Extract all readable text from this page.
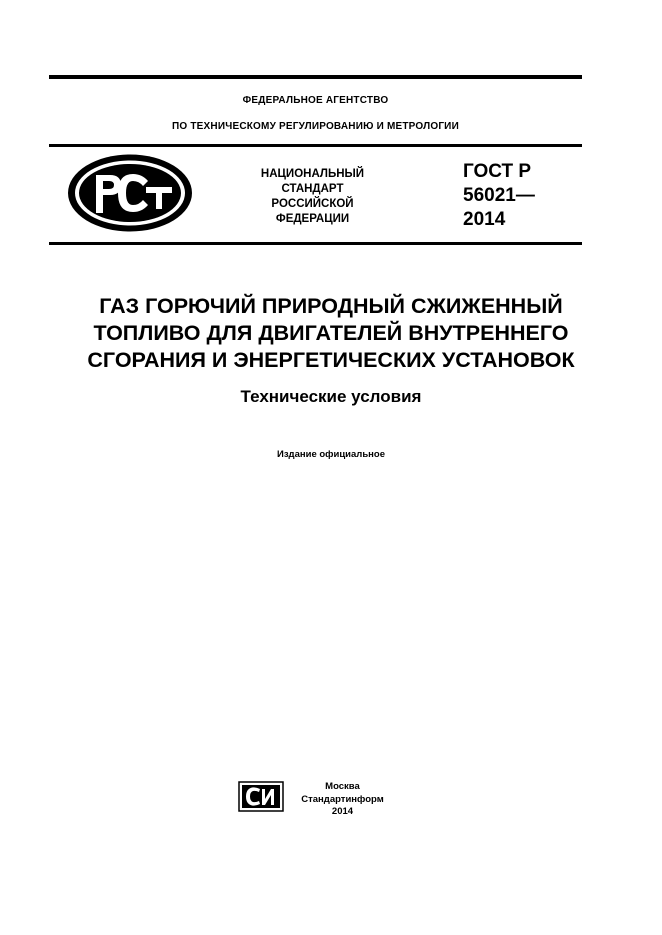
ФЕДЕРАЛЬНОЕ АГЕНТСТВО
ПО ТЕХНИЧЕСКОМУ РЕГУЛИРОВАНИЮ И МЕТРОЛОГИИ
НАЦИОНАЛЬНЫЙ
СТАНДАРТ
РОССИЙСКОЙ
ФЕДЕРАЦИИ
ГОСТ Р
56021—
2014
ГАЗ ГОРЮЧИЙ ПРИРОДНЫЙ СЖИЖЕННЫЙ
ТОПЛИВО ДЛЯ ДВИГАТЕЛЕЙ ВНУТРЕННЕГО
СГОРАНИЯ И ЭНЕРГЕТИЧЕСКИХ УСТАНОВОК
Технические условия
Издание официальное
Москва
Стандартинформ
2014
